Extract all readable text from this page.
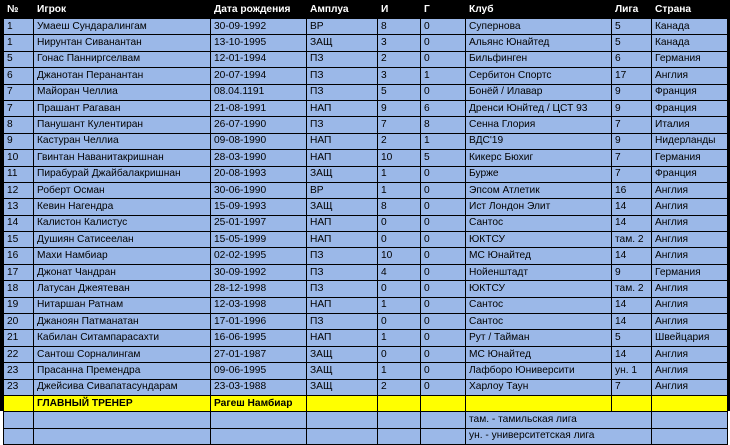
№	Игрок	Дата рождения	Амплуа	И	Г	Клуб	Лига	Страна
1	Умаеш Сундаралингам	30-09-1992	ВР	8	0	Супернова	5	Канада
1	Нирунтан Сиванантан	13-10-1995	ЗАЩ	3	0	Альянс Юнайтед	5	Канада
5	Гонас Панниргселвам	12-01-1994	ПЗ	2	0	Бильфинген	6	Германия
6	Джанотан Перанантан	20-07-1994	ПЗ	3	1	Сербитон Спортс	17	Англия
7	Майоран Челлиа	08.04.1191	ПЗ	5	0	Бонёй / Илавар	9	Франция
7	Прашант Рагаван	21-08-1991	НАП	9	6	Дренси Юнйтед / ЦСТ 93	9	Франция
8	Панушант Кулентиран	26-07-1990	ПЗ	7	8	Сенна Глория	7	Италия
9	Кастуран Челлиа	09-08-1990	НАП	2	1	ВДС'19	9	Нидерланды
10	Гвинтан Наванитакришнан	28-03-1990	НАП	10	5	Кикерс Бюхиг	7	Германия
11	Пирабурай Джайбалакришнан	20-08-1993	ЗАЩ	1	0	Бурже	7	Франция
12	Роберт Осман	30-06-1990	ВР	1	0	Эпсом Атлетик	16	Англия
13	Кевин Нагендра	15-09-1993	ЗАЩ	8	0	Ист Лондон Элит	14	Англия
14	Калистон Калистус	25-01-1997	НАП	0	0	Сантос	14	Англия
15	Душиян Сатисеелан	15-05-1999	НАП	0	0	ЮКТСУ	там. 2	Англия
16	Махи Намбиар	02-02-1995	ПЗ	10	0	МС Юнайтед	14	Англия
17	Джонат Чандран	30-09-1992	ПЗ	4	0	Нойенштадт	9	Германия
18	Латусан Джеятеван	28-12-1998	ПЗ	0	0	ЮКТСУ	там. 2	Англия
19	Нитаршан Ратнам	12-03-1998	НАП	1	0	Сантос	14	Англия
20	Джаноян Патманатан	17-01-1996	ПЗ	0	0	Сантос	14	Англия
21	Кабилан Ситампарасахти	16-06-1995	НАП	1	0	Рут / Тайман	5	Швейцария
22	Сантош Сорналингам	27-01-1987	ЗАЩ	0	0	МС Юнайтед	14	Англия
23	Прасанна Премендра	09-06-1995	ЗАЩ	1	0	Лафборо Юниверсити	ун. 1	Англия
23	Джейсива Сивапатасундарам	23-03-1988	ЗАЩ	2	0	Харлоу Таун	7	Англия
	ГЛАВНЫЙ ТРЕНЕР	Рагеш Намбиар						
						там. - тамильская лига		
						ун. - университетская лига		
